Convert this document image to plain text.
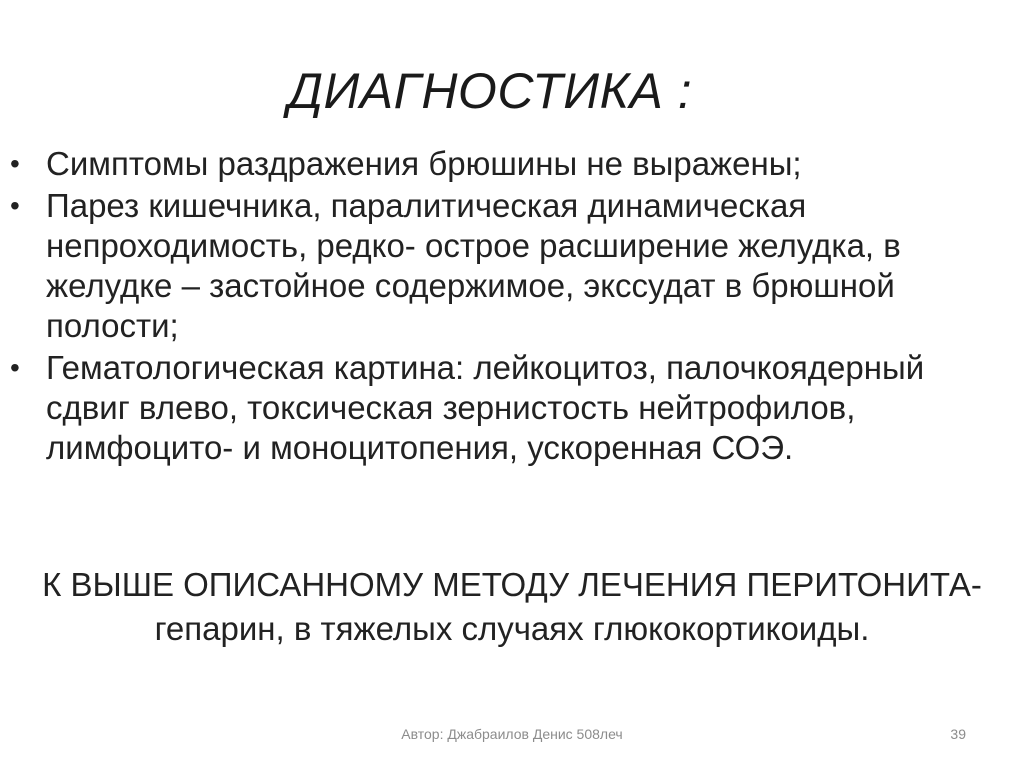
ДИАГНОСТИКА :
• Симптомы раздражения брюшины не выражены;
• Парез кишечника, паралитическая динамическая непроходимость, редко- острое расширение желудка, в желудке – застойное содержимое, экссудат в брюшной полости;
• Гематологическая картина: лейкоцитоз, палочкоядерный сдвиг влево, токсическая зернистость нейтрофилов, лимфоцито- и моноцитопения, ускоренная СОЭ.
К ВЫШЕ ОПИСАННОМУ МЕТОДУ ЛЕЧЕНИЯ ПЕРИТОНИТА-
гепарин, в тяжелых случаях глюкокортикоиды.
Автор: Джабраилов Денис 508леч	39
